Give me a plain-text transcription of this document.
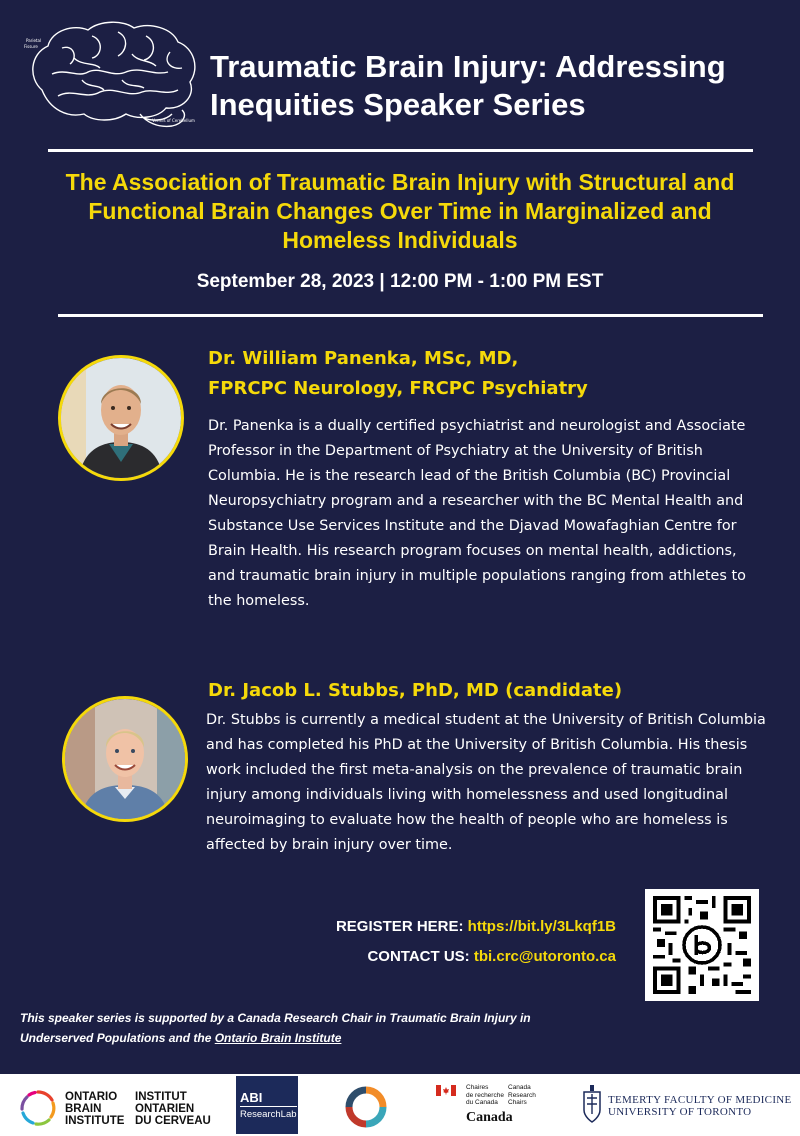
Parietal
Fissure
Vermis of Cerebellum
Traumatic Brain Injury: Addressing Inequities Speaker Series
The Association of Traumatic Brain Injury with Structural and Functional Brain Changes Over Time in Marginalized and Homeless Individuals
September 28, 2023 | 12:00 PM - 1:00 PM EST
Dr. William Panenka, MSc, MD,
FPRCPC Neurology, FRCPC Psychiatry
Dr. Panenka is a dually certified psychiatrist and neurologist and Associate Professor in the Department of Psychiatry at the University of British Columbia. He is the research lead of the British Columbia (BC) Provincial Neuropsychiatry program and a researcher with the BC Mental Health and Substance Use Services Institute and the Djavad Mowafaghian Centre for Brain Health. His research program focuses on mental health, addictions, and traumatic brain injury in multiple populations ranging from athletes to the homeless.
Dr. Jacob L. Stubbs, PhD, MD (candidate)
Dr. Stubbs is currently a medical student at the University of British Columbia and has completed his PhD at the University of British Columbia. His thesis work included the first meta-analysis on the prevalence of traumatic brain injury among individuals living with homelessness and used longitudinal neuroimaging to evaluate how the health of people who are homeless is affected by brain injury over time.
REGISTER HERE: https://bit.ly/3Lkqf1B
CONTACT US: tbi.crc@utoronto.ca
This speaker series is supported by a Canada Research Chair in Traumatic Brain Injury in Underserved Populations and the Ontario Brain Institute
ONTARIO
BRAIN
INSTITUTE
INSTITUT
ONTARIEN
DU CERVEAU
ABI
ResearchLab
Chaires
de recherche
du Canada
Canada
Research
Chairs
Canada
TEMERTY FACULTY OF MEDICINE
UNIVERSITY OF TORONTO
